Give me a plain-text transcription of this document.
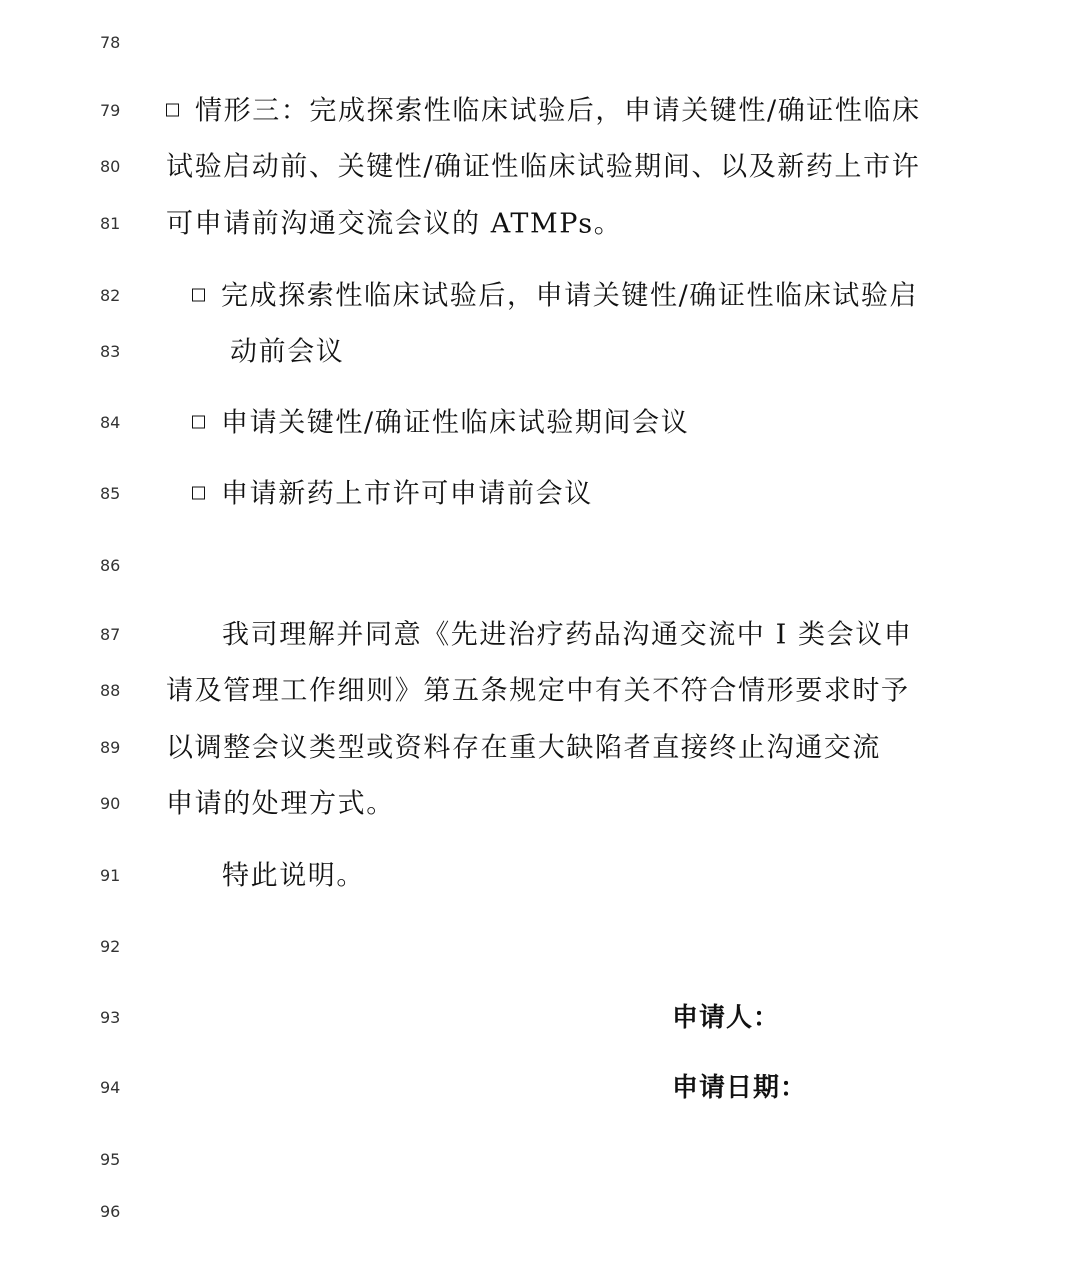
78
79	情形三：完成探索性临床试验后，申请关键性/确证性临床
80	试验启动前、关键性/确证性临床试验期间、以及新药上市许
81	可申请前沟通交流会议的 ATMPs。
82	完成探索性临床试验后，申请关键性/确证性临床试验启
83	动前会议
84	申请关键性/确证性临床试验期间会议
85	申请新药上市许可申请前会议
86
87	我司理解并同意《先进治疗药品沟通交流中 I 类会议申
88	请及管理工作细则》第五条规定中有关不符合情形要求时予
89	以调整会议类型或资料存在重大缺陷者直接终止沟通交流
90	申请的处理方式。
91	特此说明。
92
93	申请人：
94	申请日期：
95
96
